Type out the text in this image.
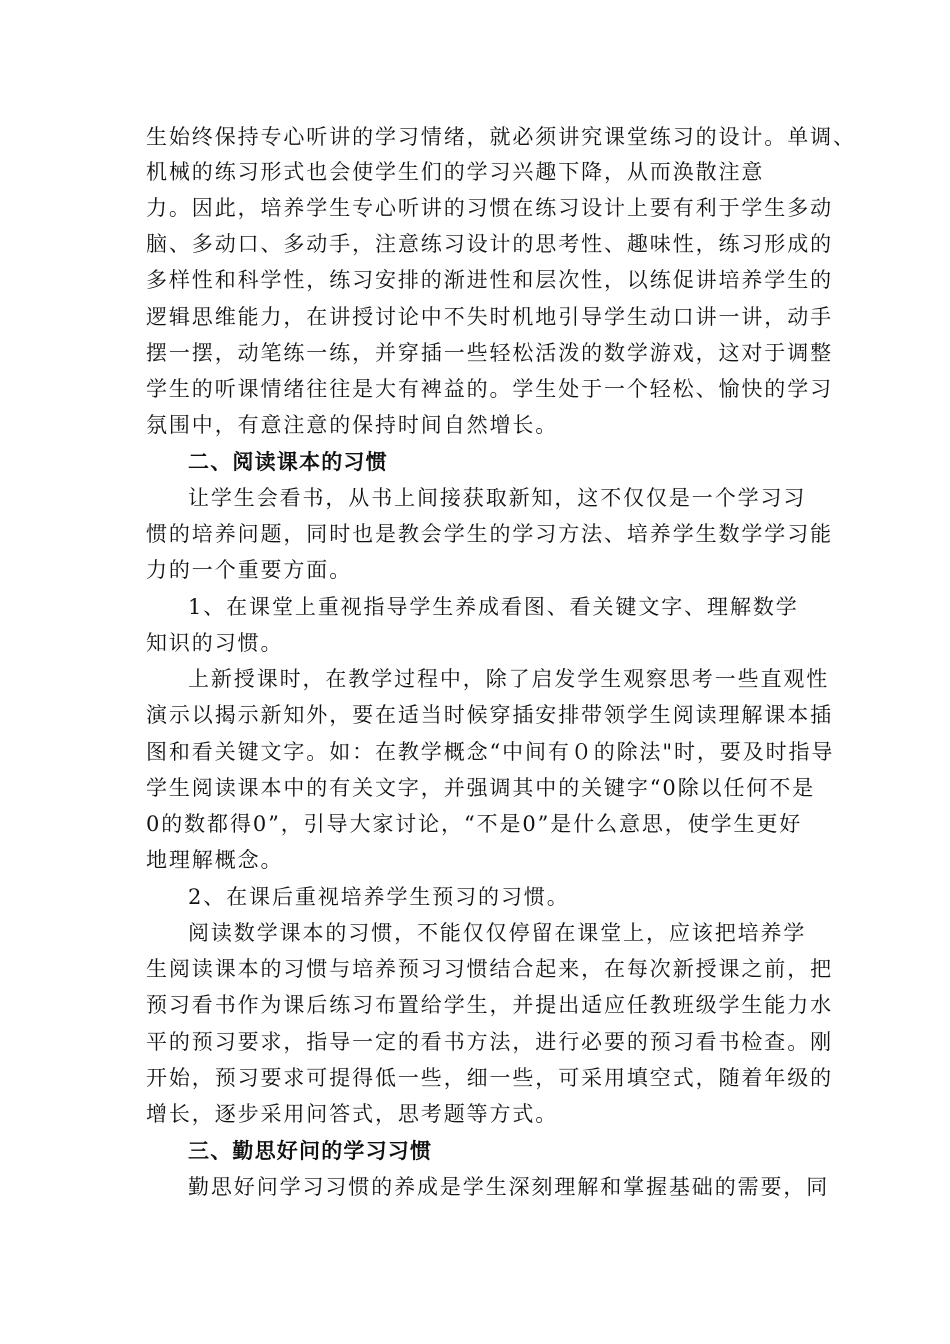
生始终保持专心听讲的学习情绪，就必须讲究课堂练习的设计。单调、
机械的练习形式也会使学生们的学习兴趣下降，从而涣散注意
力。因此，培养学生专心听讲的习惯在练习设计上要有利于学生多动
脑、多动口、多动手，注意练习设计的思考性、趣味性，练习形成的
多样性和科学性，练习安排的渐进性和层次性，以练促讲培养学生的
逻辑思维能力，在讲授讨论中不失时机地引导学生动口讲一讲，动手
摆一摆，动笔练一练，并穿插一些轻松活泼的数学游戏，这对于调整
学生的听课情绪往往是大有裨益的。学生处于一个轻松、愉快的学习
氛围中，有意注意的保持时间自然增长。
二、阅读课本的习惯
让学生会看书，从书上间接获取新知，这不仅仅是一个学习习
惯的培养问题，同时也是教会学生的学习方法、培养学生数学学习能
力的一个重要方面。
1、在课堂上重视指导学生养成看图、看关键文字、理解数学
知识的习惯。
上新授课时，在教学过程中，除了启发学生观察思考一些直观性
演示以揭示新知外，要在适当时候穿插安排带领学生阅读理解课本插
图和看关键文字。如：在教学概念“中间有０的除法"时，要及时指导
学生阅读课本中的有关文字，并强调其中的关键字“0除以任何不是
0的数都得0”，引导大家讨论，“不是0”是什么意思，使学生更好
地理解概念。
2、在课后重视培养学生预习的习惯。
阅读数学课本的习惯，不能仅仅停留在课堂上，应该把培养学
生阅读课本的习惯与培养预习习惯结合起来，在每次新授课之前，把
预习看书作为课后练习布置给学生，并提出适应任教班级学生能力水
平的预习要求，指导一定的看书方法，进行必要的预习看书检查。刚
开始，预习要求可提得低一些，细一些，可采用填空式，随着年级的
增长，逐步采用问答式，思考题等方式。
三、勤思好问的学习习惯
勤思好问学习习惯的养成是学生深刻理解和掌握基础的需要，同
